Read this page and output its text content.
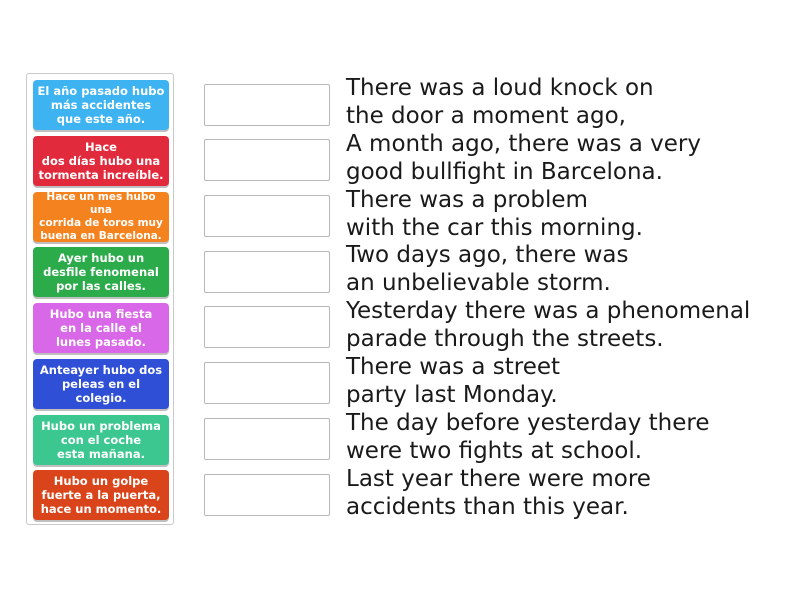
El año pasado hubo
más accidentes
que este año.
Hace
dos días hubo una
tormenta increíble.
Hace un mes hubo una
corrida de toros muy
buena en Barcelona.
Ayer hubo un
desfile fenomenal
por las calles.
Hubo una fiesta
en la calle el
lunes pasado.
Anteayer hubo dos
peleas en el colegio.
Hubo un problema
con el coche
esta mañana.
Hubo un golpe
fuerte a la puerta,
hace un momento.
There was a loud knock on
the door a moment ago,
A month ago, there was a very
good bullfight in Barcelona.
There was a problem
with the car this morning.
Two days ago, there was
an unbelievable storm.
Yesterday there was a phenomenal
parade through the streets.
There was a street
party last Monday.
The day before yesterday there
were two fights at school.
Last year there were more
accidents than this year.
